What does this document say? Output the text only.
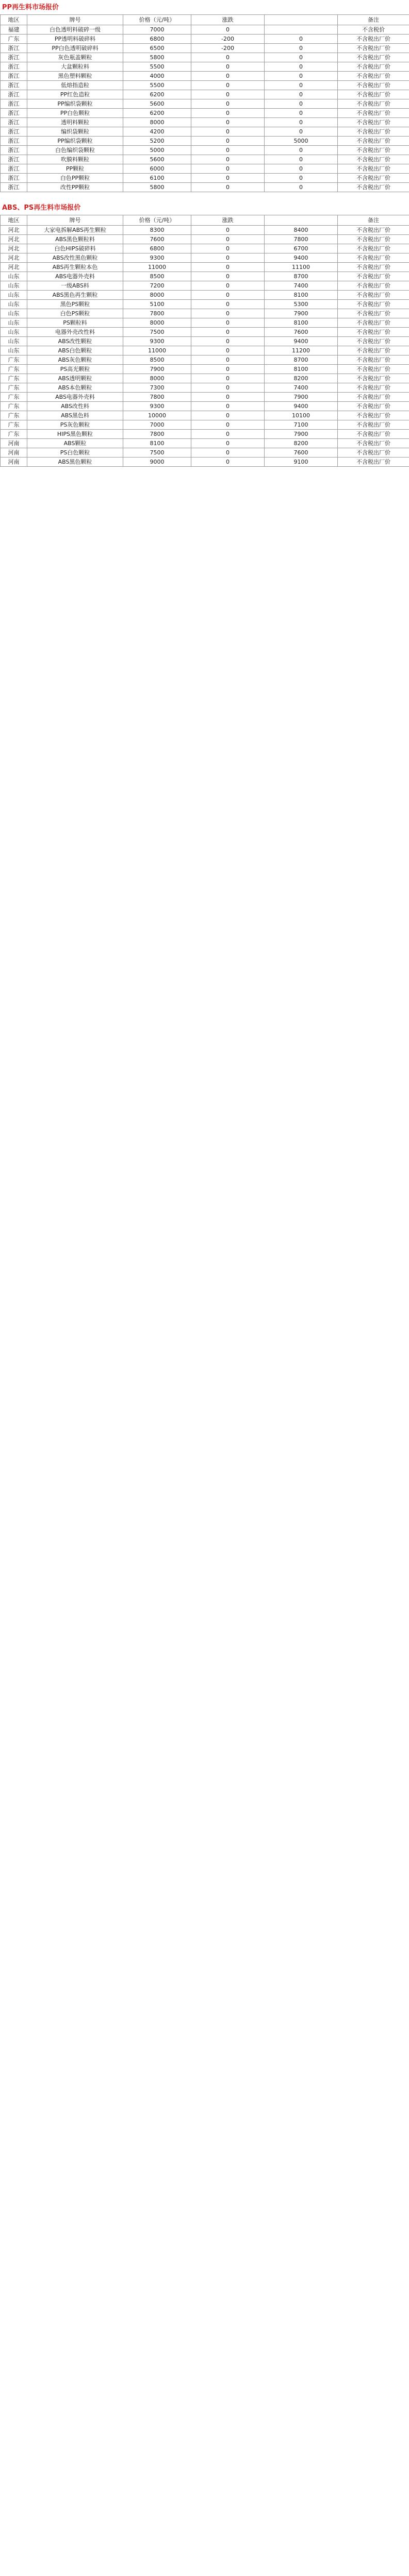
PP再生料市场报价
地区	牌号	价格（元/吨）	涨跌		备注
福建	白色透明料破碎一级	7000	0		不含税价
广东	PP透明料破碎料	6800	-200	0	不含税出厂价
浙江	PP白色透明破碎料	6500	-200	0	不含税出厂价
浙江	灰色瓶盖颗粒	5800	0	0	不含税出厂价
浙江	大盆颗粒料	5500	0	0	不含税出厂价
浙江	黑色塑料颗粒	4000	0	0	不含税出厂价
浙江	低熔指造粒	5500	0	0	不含税出厂价
浙江	PP红色造粒	6200	0	0	不含税出厂价
浙江	PP编织袋颗粒	5600	0	0	不含税出厂价
浙江	PP白色颗粒	6200	0	0	不含税出厂价
浙江	透明料颗粒	8000	0	0	不含税出厂价
浙江	编织袋颗粒	4200	0	0	不含税出厂价
浙江	PP编织袋颗粒	5200	0	5000	不含税出厂价
浙江	白色编织袋颗粒	5000	0	0	不含税出厂价
浙江	吹膜料颗粒	5600	0	0	不含税出厂价
浙江	PP颗粒	6000	0	0	不含税出厂价
浙江	白色PP颗粒	6100	0	0	不含税出厂价
浙江	改性PP颗粒	5800	0	0	不含税出厂价
ABS、PS再生料市场报价
地区	牌号	价格（元/吨）	涨跌		备注
河北	大家电拆解ABS再生颗粒	8300	0	8400	不含税出厂价
河北	ABS黑色颗粒料	7600	0	7800	不含税出厂价
河北	白色HIPS破碎料	6800	0	6700	不含税出厂价
河北	ABS改性黑色颗粒	9300	0	9400	不含税出厂价
河北	ABS再生颗粒本色	11000	0	11100	不含税出厂价
山东	ABS电器外壳料	8500	0	8700	不含税出厂价
山东	一级ABS料	7200	0	7400	不含税出厂价
山东	ABS黑色再生颗粒	8000	0	8100	不含税出厂价
山东	黑色PS颗粒	5100	0	5300	不含税出厂价
山东	白色PS颗粒	7800	0	7900	不含税出厂价
山东	PS颗粒料	8000	0	8100	不含税出厂价
山东	电器外壳改性料	7500	0	7600	不含税出厂价
山东	ABS改性颗粒	9300	0	9400	不含税出厂价
山东	ABS白色颗粒	11000	0	11200	不含税出厂价
广东	ABS灰色颗粒	8500	0	8700	不含税出厂价
广东	PS高光颗粒	7900	0	8100	不含税出厂价
广东	ABS透明颗粒	8000	0	8200	不含税出厂价
广东	ABS本色颗粒	7300	0	7400	不含税出厂价
广东	ABS电器外壳料	7800	0	7900	不含税出厂价
广东	ABS改性料	9300	0	9400	不含税出厂价
广东	ABS黑色料	10000	0	10100	不含税出厂价
广东	PS灰色颗粒	7000	0	7100	不含税出厂价
广东	HIPS黑色颗粒	7800	0	7900	不含税出厂价
河南	ABS颗粒	8100	0	8200	不含税出厂价
河南	PS白色颗粒	7500	0	7600	不含税出厂价
河南	ABS黑色颗粒	9000	0	9100	不含税出厂价
